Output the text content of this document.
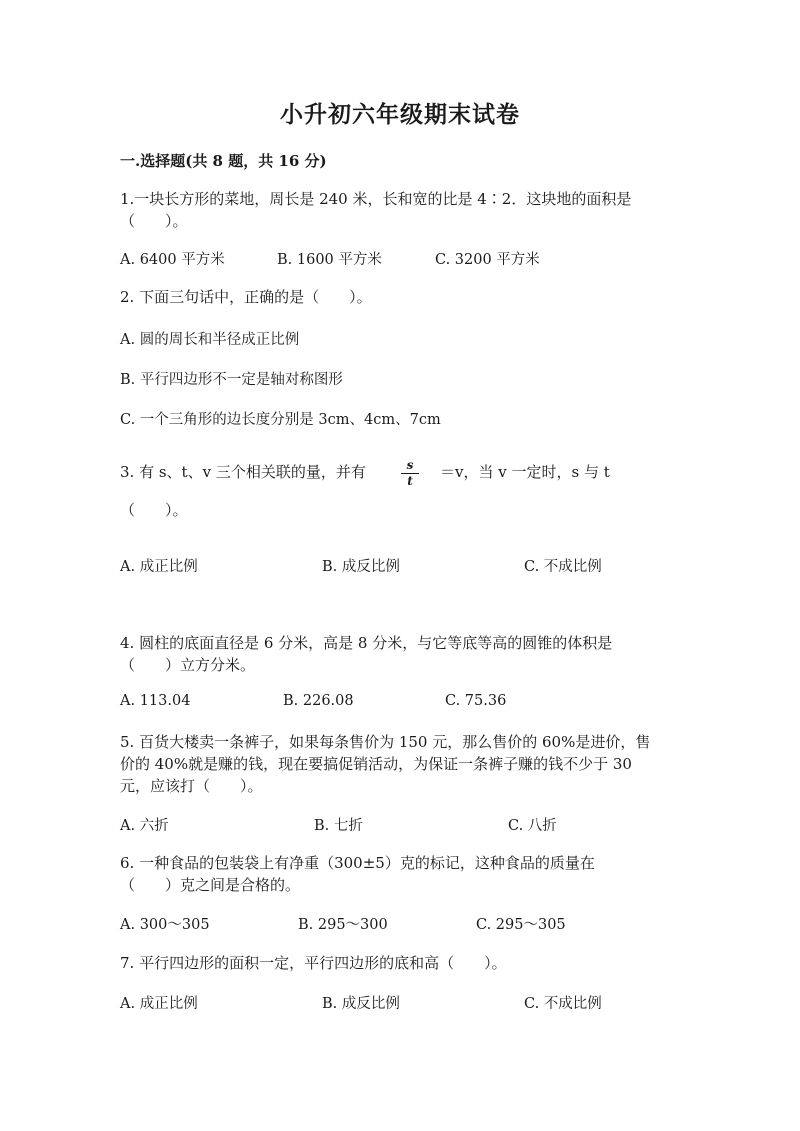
小升初六年级期末试卷
一.选择题(共 8 题，共 16 分)
1.一块长方形的菜地，周长是 240 米，长和宽的比是 4∶2．这块地的面积是
（　　）。
A. 6400 平方米	B. 1600 平方米	C. 3200 平方米
2. 下面三句话中，正确的是（　　）。
A. 圆的周长和半径成正比例
B. 平行四边形不一定是轴对称图形
C. 一个三角形的边长度分别是 3cm、4cm、7cm
3. 有 s、t、v 三个相关联的量，并有	s
t	＝v，当 v 一定时，s 与 t
（　　）。
A. 成正比例	B. 成反比例	C. 不成比例
4. 圆柱的底面直径是 6 分米，高是 8 分米，与它等底等高的圆锥的体积是
（　　）立方分米。
A. 113.04	B. 226.08	C. 75.36
5. 百货大楼卖一条裤子，如果每条售价为 150 元，那么售价的 60%是进价，售
价的 40%就是赚的钱，现在要搞促销活动，为保证一条裤子赚的钱不少于 30
元，应该打（　　）。
A. 六折	B. 七折	C. 八折
6. 一种食品的包装袋上有净重（300±5）克的标记，这种食品的质量在
（　　）克之间是合格的。
A. 300～305	B. 295～300	C. 295～305
7. 平行四边形的面积一定，平行四边形的底和高（　　）。
A. 成正比例	B. 成反比例	C. 不成比例
